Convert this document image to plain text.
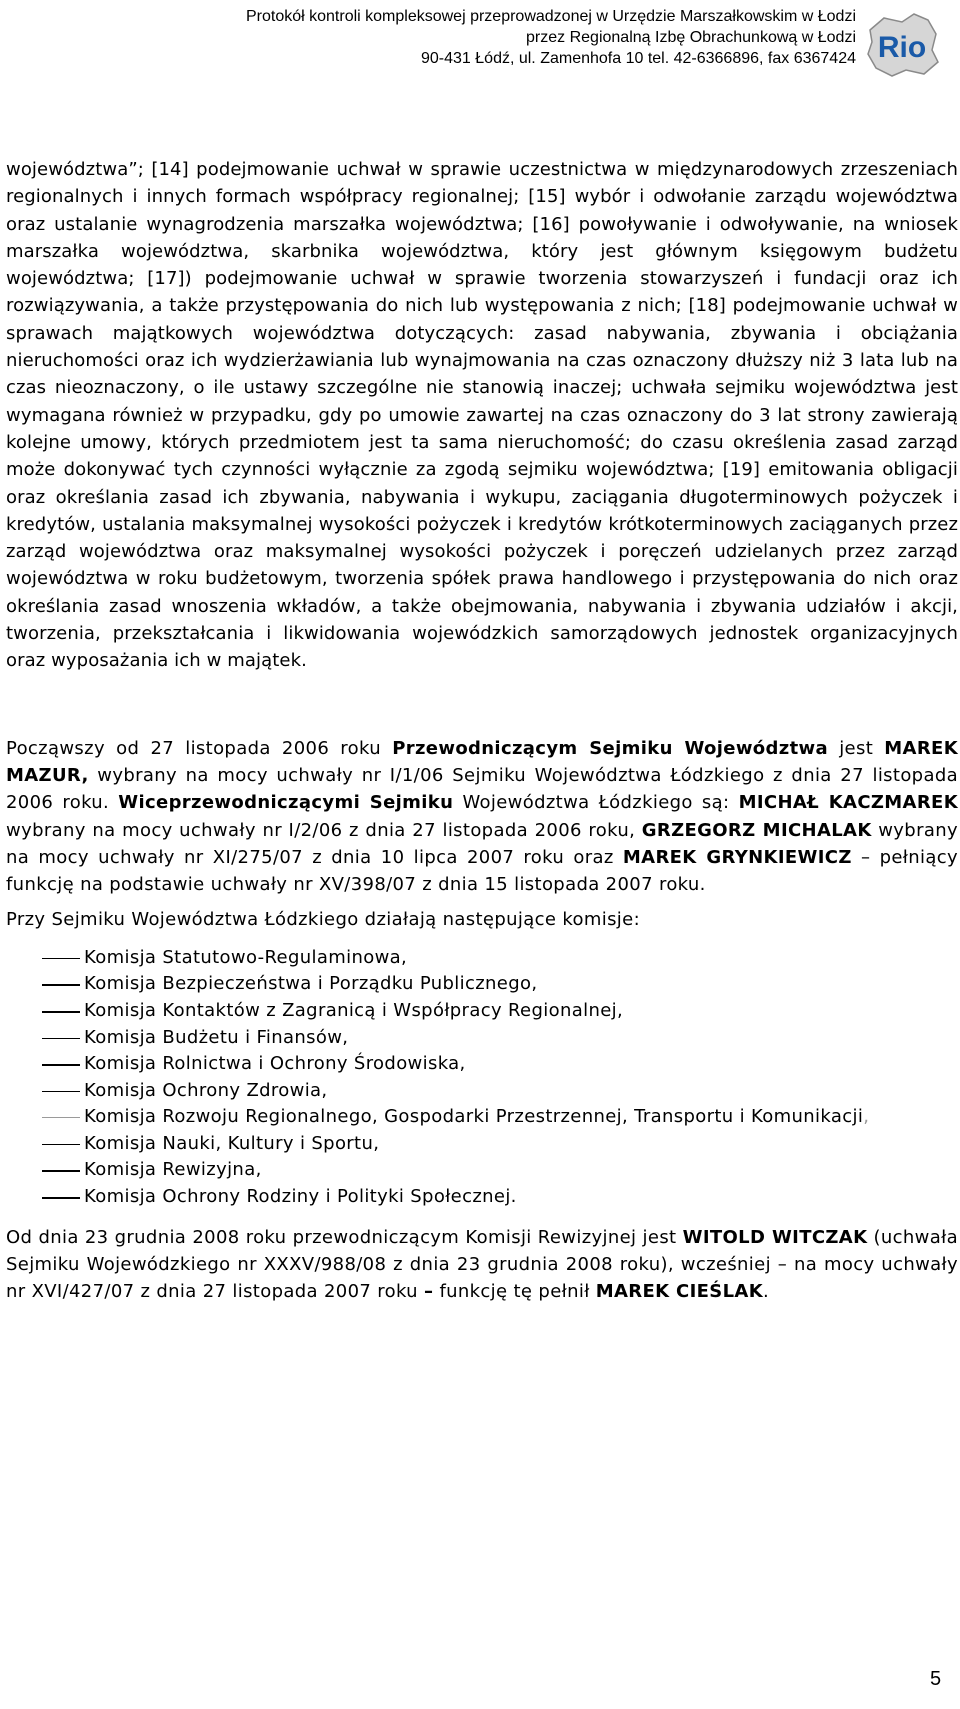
Protokół kontroli kompleksowej przeprowadzonej w Urzędzie Marszałkowskim w Łodzi
przez Regionalną Izbę Obrachunkową w Łodzi
90-431 Łódź, ul. Zamenhofa 10 tel. 42-6366896, fax 6367424 Rio

województwa”; [14] podejmowanie uchwał w sprawie uczestnictwa w międzynarodowych zrzeszeniach regionalnych i innych formach współpracy regionalnej; [15] wybór i odwołanie zarządu województwa oraz ustalanie wynagrodzenia marszałka województwa; [16] powoływanie i odwoływanie, na wniosek marszałka województwa, skarbnika województwa, który jest głównym księgowym budżetu województwa; [17]) podejmowanie uchwał w sprawie tworzenia stowarzyszeń i fundacji oraz ich rozwiązywania, a także przystępowania do nich lub występowania z nich; [18] podejmowanie uchwał w sprawach majątkowych województwa dotyczących: zasad nabywania, zbywania i obciążania nieruchomości oraz ich wydzierżawiania lub wynajmowania na czas oznaczony dłuższy niż 3 lata lub na czas nieoznaczony, o ile ustawy szczególne nie stanowią inaczej; uchwała sejmiku województwa jest wymagana również w przypadku, gdy po umowie zawartej na czas oznaczony do 3 lat strony zawierają kolejne umowy, których przedmiotem jest ta sama nieruchomość; do czasu określenia zasad zarząd może dokonywać tych czynności wyłącznie za zgodą sejmiku województwa; [19] emitowania obligacji oraz określania zasad ich zbywania, nabywania i wykupu, zaciągania długoterminowych pożyczek i kredytów, ustalania maksymalnej wysokości pożyczek i kredytów krótkoterminowych zaciąganych przez zarząd województwa oraz maksymalnej wysokości pożyczek i poręczeń udzielanych przez zarząd województwa w roku budżetowym, tworzenia spółek prawa handlowego i przystępowania do nich oraz określania zasad wnoszenia wkładów, a także obejmowania, nabywania i zbywania udziałów i akcji, tworzenia, przekształcania i likwidowania wojewódzkich samorządowych jednostek organizacyjnych oraz wyposażania ich w majątek.

Począwszy od 27 listopada 2006 roku Przewodniczącym Sejmiku Województwa jest MAREK MAZUR, wybrany na mocy uchwały nr I/1/06 Sejmiku Województwa Łódzkiego z dnia 27 listopada 2006 roku. Wiceprzewodniczącymi Sejmiku Województwa Łódzkiego są: MICHAŁ KACZMAREK wybrany na mocy uchwały nr I/2/06 z dnia 27 listopada 2006 roku, GRZEGORZ MICHALAK wybrany na mocy uchwały nr XI/275/07 z dnia 10 lipca 2007 roku oraz MAREK GRYNKIEWICZ – pełniący funkcję na podstawie uchwały nr XV/398/07 z dnia 15 listopada 2007 roku.

Przy Sejmiku Województwa Łódzkiego działają następujące komisje:

Komisja Statutowo-Regulaminowa,
Komisja Bezpieczeństwa i Porządku Publicznego,
Komisja Kontaktów z Zagranicą i Współpracy Regionalnej,
Komisja Budżetu i Finansów,
Komisja Rolnictwa i Ochrony Środowiska,
Komisja Ochrony Zdrowia,
Komisja Rozwoju Regionalnego, Gospodarki Przestrzennej, Transportu i Komunikacji,
Komisja Nauki, Kultury i Sportu,
Komisja Rewizyjna,
Komisja Ochrony Rodziny i Polityki Społecznej.

Od dnia 23 grudnia 2008 roku przewodniczącym Komisji Rewizyjnej jest WITOLD WITCZAK (uchwała Sejmiku Wojewódzkiego nr XXXV/988/08 z dnia 23 grudnia 2008 roku), wcześniej – na mocy uchwały nr XVI/427/07 z dnia 27 listopada 2007 roku – funkcję tę pełnił MAREK CIEŚLAK.

5
